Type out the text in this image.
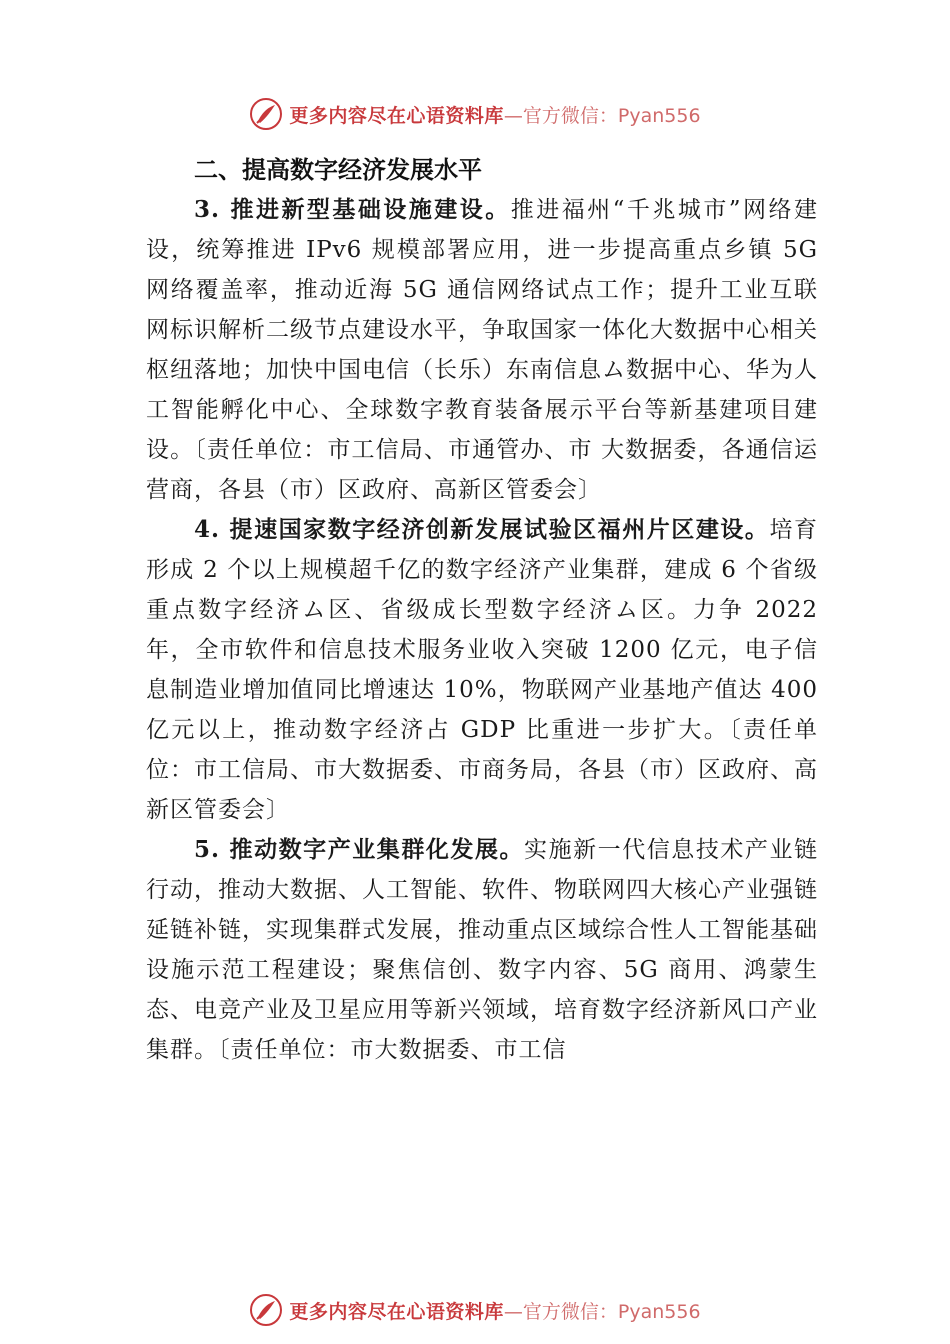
更多内容尽在心语资料库 —官方微信：Pyan556
二、提高数字经济发展水平

3. 推进新型基础设施建设。推进福州“千兆城市”网络建设，统筹推进 IPv6 规模部署应用，进一步提高重点乡镇 5G 网络覆盖率，推动近海 5G 通信网络试点工作；提升工业互联网标识解析二级节点建设水平，争取国家一体化大数据中心相关枢纽落地；加快中国电信（长乐）东南信息ム数据中心、华为人工智能孵化中心、全球数字教育装备展示平台等新基建项目建设。〔责任单位：市工信局、市通管办、市 大数据委，各通信运营商，各县（市）区政府、高新区管委会〕

4. 提速国家数字经济创新发展试验区福州片区建设。培育形成 2 个以上规模超千亿的数字经济产业集群，建成 6 个省级重点数字经济ム区、省级成长型数字经济ム区。力争 2022 年，全市软件和信息技术服务业收入突破 1200 亿元，电子信息制造业增加值同比增速达 10%，物联网产业基地产值达 400 亿元以上，推动数字经济占 GDP 比重进一步扩大。〔责任单位：市工信局、市大数据委、市商务局，各县（市）区政府、高新区管委会〕

5. 推动数字产业集群化发展。实施新一代信息技术产业链行动，推动大数据、人工智能、软件、物联网四大核心产业强链延链补链，实现集群式发展，推动重点区域综合性人工智能基础设施示范工程建设；聚焦信创、数字内容、5G 商用、鸿蒙生态、电竞产业及卫星应用等新兴领域，培育数字经济新风口产业集群。〔责任单位：市大数据委、市工信

更多内容尽在心语资料库 —官方微信：Pyan556
